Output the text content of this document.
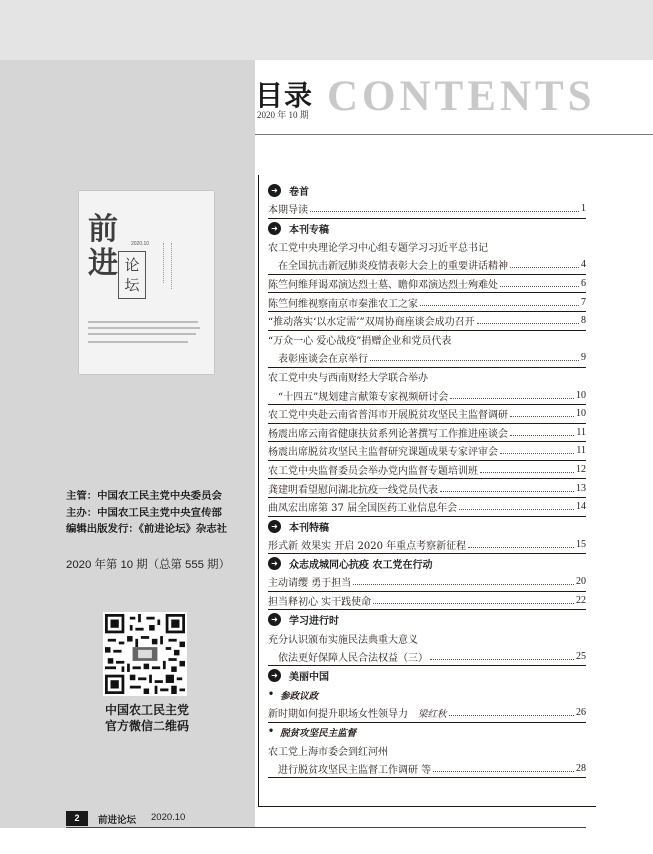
目录 CONTENTS
2020 年 10 期
前
进
2020.10
论坛
主管：中国农工民主党中央委员会
主办：中国农工民主党中央宣传部
编辑出版发行：《前进论坛》杂志社
2020 年第 10 期（总第 555 期）
中国农工民主党
官方微信二维码
➜	卷首
本期导读	1
➜	本刊专稿
农工党中央理论学习中心组专题学习习近平总书记
在全国抗击新冠肺炎疫情表彰大会上的重要讲话精神	4
陈竺何维拜谒邓演达烈士墓、瞻仰邓演达烈士殉难处	6
陈竺何维视察南京市秦淮农工之家	7
“推动落实‘以水定需’”双周协商座谈会成功召开	8
“万众一心 爱心战疫”捐赠企业和党员代表
表彰座谈会在京举行	9
农工党中央与西南财经大学联合举办
“十四五”规划建言献策专家视频研讨会	10
农工党中央赴云南省普洱市开展脱贫攻坚民主监督调研	10
杨震出席云南省健康扶贫系列论著撰写工作推进座谈会	11
杨震出席脱贫攻坚民主监督研究课题成果专家评审会	11
农工党中央监督委员会举办党内监督专题培训班	12
龚建明看望慰问湖北抗疫一线党员代表	13
曲凤宏出席第 37 届全国医药工业信息年会	14
➜	本刊特稿
形式新 效果实 开启 2020 年重点考察新征程	15
➜	众志成城同心抗疫 农工党在行动
主动请缨 勇于担当	20
担当释初心 实干践使命	22
➜	学习进行时
充分认识颁布实施民法典重大意义
依法更好保障人民合法权益（三）	25
➜	美丽中国
• 参政议政
新时期如何提升职场女性领导力 梁红秋	26
• 脱贫攻坚民主监督
农工党上海市委会到红河州
进行脱贫攻坚民主监督工作调研 等	28
2	前进论坛 2020.10
